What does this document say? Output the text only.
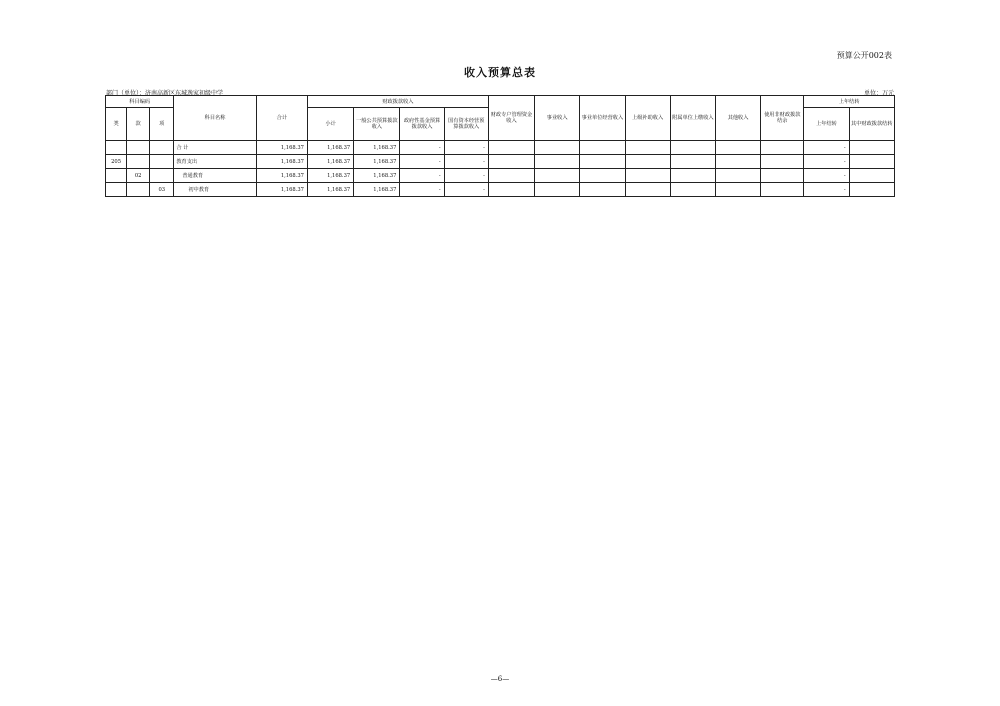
预算公开002表
收入预算总表
部门（单位）：济南高新区东城逸家初级中学	单位：万元
科目编码			科目名称	合计	财政拨款收入				财政专户管理资金收入	事业收入	事业单位经营收入	上级补助收入	附属单位上缴收入	其他收入	使用非财政拨款结余	上年结转	
类	款	项			小计	一般公共预算拨款收入	政府性基金预算拨款收入	国有资本经营预算拨款收入								上年结转	其中财政拨款结转
			合 计	1,168.37	1,168.37	1,168.37	-	-								-	
205			教育支出	1,168.37	1,168.37	1,168.37	-	-								-	
	02		普通教育	1,168.37	1,168.37	1,168.37	-	-								-	
		03	初中教育	1,168.37	1,168.37	1,168.37	-	-								-	
—6—
